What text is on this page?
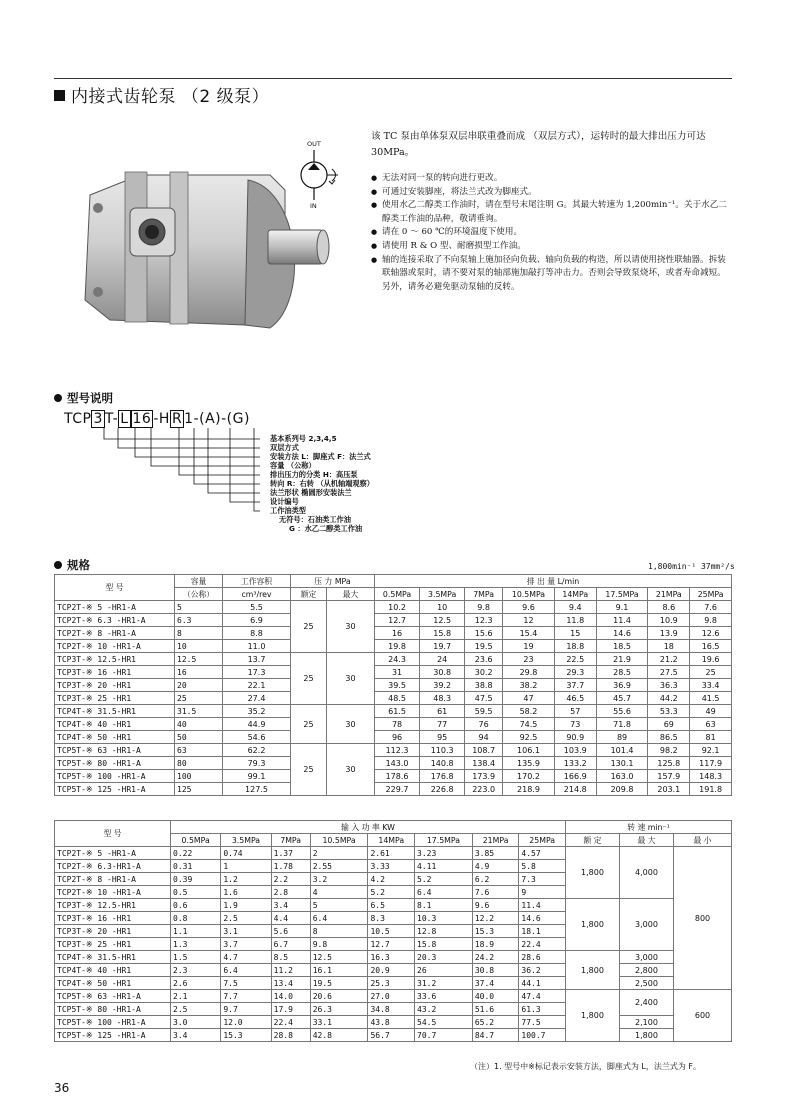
内接式齿轮泵 （2 级泵）
OUT
IN
该 TC 泵由单体泵双层串联重叠而成 （双层方式），运转时的最大排出压力可达 30MPa。
● 无法对同一泵的转向进行更改。
● 可通过安装脚座，将法兰式改为脚座式。
● 使用水乙二醇类工作油时，请在型号末尾注明 G。其最大转速为 1,200min⁻¹。关于水乙二醇类工作油的品种，敬请垂询。
● 请在 0 ～ 60 ℃的环境温度下使用。
● 请使用 R & O 型、耐磨损型工作油。
● 轴的连接采取了不向泵轴上施加径向负载、轴向负载的构造，所以请使用挠性联轴器。拆装联轴器或泵时，请不要对泵的轴部施加敲打等冲击力。否则会导致泵烧坏，或者寿命减短。另外，请务必避免驱动泵轴的反转。
型号说明
TCP 3 T- L 16 -H R 1-(A)-(G)
基本系列号 2,3,4,5
双层方式
安装方法 L：脚座式 F：法兰式
容量 （公称）
排出压力的分类 H：高压泵
转向 R：右转 （从机轴端观察）
法兰形状 椭圆形安装法兰
设计编号
工作油类型
无符号：石油类工作油
G ：水乙二醇类工作油
规格	1,800min⁻¹ 37mm²/s
型 号	容量	工作容积	压 力 MPa		排 出 量 L/min							
	（公称）	cm³/rev	额定	最大	0.5MPa	3.5MPa	7MPa	10.5MPa	14MPa	17.5MPa	21MPa	25MPa
TCP2T-※ 5 -HR1-A	5	5.5	25	30	10.2	10	9.8	9.6	9.4	9.1	8.6	7.6
TCP2T-※ 6.3 -HR1-A	6.3	6.9			12.7	12.5	12.3	12	11.8	11.4	10.9	9.8
TCP2T-※ 8 -HR1-A	8	8.8			16	15.8	15.6	15.4	15	14.6	13.9	12.6
TCP2T-※ 10 -HR1-A	10	11.0			19.8	19.7	19.5	19	18.8	18.5	18	16.5
TCP3T-※ 12.5-HR1	12.5	13.7	25	30	24.3	24	23.6	23	22.5	21.9	21.2	19.6
TCP3T-※ 16 -HR1	16	17.3			31	30.8	30.2	29.8	29.3	28.5	27.5	25
TCP3T-※ 20 -HR1	20	22.1			39.5	39.2	38.8	38.2	37.7	36.9	36.3	33.4
TCP3T-※ 25 -HR1	25	27.4			48.5	48.3	47.5	47	46.5	45.7	44.2	41.5
TCP4T-※ 31.5-HR1	31.5	35.2	25	30	61.5	61	59.5	58.2	57	55.6	53.3	49
TCP4T-※ 40 -HR1	40	44.9			78	77	76	74.5	73	71.8	69	63
TCP4T-※ 50 -HR1	50	54.6			96	95	94	92.5	90.9	89	86.5	81
TCP5T-※ 63 -HR1-A	63	62.2	25	30	112.3	110.3	108.7	106.1	103.9	101.4	98.2	92.1
TCP5T-※ 80 -HR1-A	80	79.3			143.0	140.8	138.4	135.9	133.2	130.1	125.8	117.9
TCP5T-※ 100 -HR1-A	100	99.1			178.6	176.8	173.9	170.2	166.9	163.0	157.9	148.3
TCP5T-※ 125 -HR1-A	125	127.5			229.7	226.8	223.0	218.9	214.8	209.8	203.1	191.8
型 号	输 入 功 率 KW								转 速 min⁻¹		
	0.5MPa	3.5MPa	7MPa	10.5MPa	14MPa	17.5MPa	21MPa	25MPa	额 定	最 大	最 小
TCP2T-※ 5 -HR1-A	0.22	0.74	1.37	2	2.61	3.23	3.85	4.57	1,800	4,000	800
TCP2T-※ 6.3-HR1-A	0.31	1	1.78	2.55	3.33	4.11	4.9	5.8			
TCP2T-※ 8 -HR1-A	0.39	1.2	2.2	3.2	4.2	5.2	6.2	7.3			
TCP2T-※ 10 -HR1-A	0.5	1.6	2.8	4	5.2	6.4	7.6	9			
TCP3T-※ 12.5-HR1	0.6	1.9	3.4	5	6.5	8.1	9.6	11.4	1,800	3,000	
TCP3T-※ 16 -HR1	0.8	2.5	4.4	6.4	8.3	10.3	12.2	14.6			
TCP3T-※ 20 -HR1	1.1	3.1	5.6	8	10.5	12.8	15.3	18.1			
TCP3T-※ 25 -HR1	1.3	3.7	6.7	9.8	12.7	15.8	18.9	22.4			
TCP4T-※ 31.5-HR1	1.5	4.7	8.5	12.5	16.3	20.3	24.2	28.6	1,800	3,000	
TCP4T-※ 40 -HR1	2.3	6.4	11.2	16.1	20.9	26	30.8	36.2		2,800	
TCP4T-※ 50 -HR1	2.6	7.5	13.4	19.5	25.3	31.2	37.4	44.1		2,500	
TCP5T-※ 63 -HR1-A	2.1	7.7	14.0	20.6	27.0	33.6	40.0	47.4	1,800	2,400	600
TCP5T-※ 80 -HR1-A	2.5	9.7	17.9	26.3	34.8	43.2	51.6	61.3			
TCP5T-※ 100 -HR1-A	3.0	12.0	22.4	33.1	43.8	54.5	65.2	77.5		2,100	
TCP5T-※ 125 -HR1-A	3.4	15.3	28.8	42.8	56.7	70.7	84.7	100.7		1,800	
（注）1. 型号中※标记表示安装方法，脚座式为 L，法兰式为 F。
36
